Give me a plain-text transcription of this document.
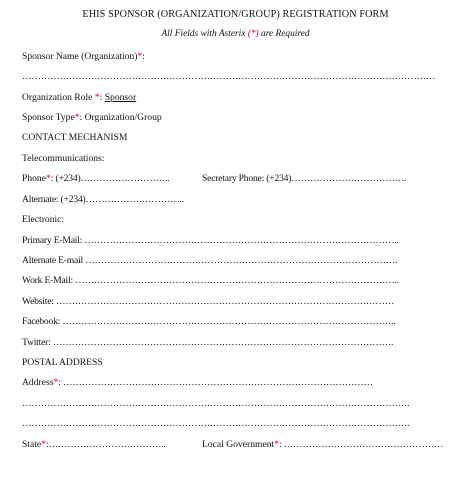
EHIS SPONSOR (ORGANIZATION/GROUP) REGISTRATION FORM
All Fields with Asterix (*) are Required
Sponsor Name (Organization)*:
……………………………………………………………………………………………………………………
Organization Role *: Sponsor
Sponsor Type*: Organization/Group
CONTACT MECHANISM
Telecommunications:
Phone*: (+234)………………………..	Secretary Phone: (+234)……………………………….
Alternate: (+234)…………………………..
Electronic:
Primary E-Mail: ………………………………………………………………………………………..
Alternate E-mail ……………………………………………………………………………………….
Work E-Mail: …………………………………………………………………………………………..
Website: ………………………………………………………………………………………………
Facebook: ……………………………………………………………………………………………..
Twitter: ……………………………………………………………………………………………….
POSTAL ADDRESS
Address*: ………………………………………………………………………………………
…………………………………………………………………………………………………………….
…………………………………………………………………………………………………………….
State*:………………………………..	Local Government*: ……………………………………………
